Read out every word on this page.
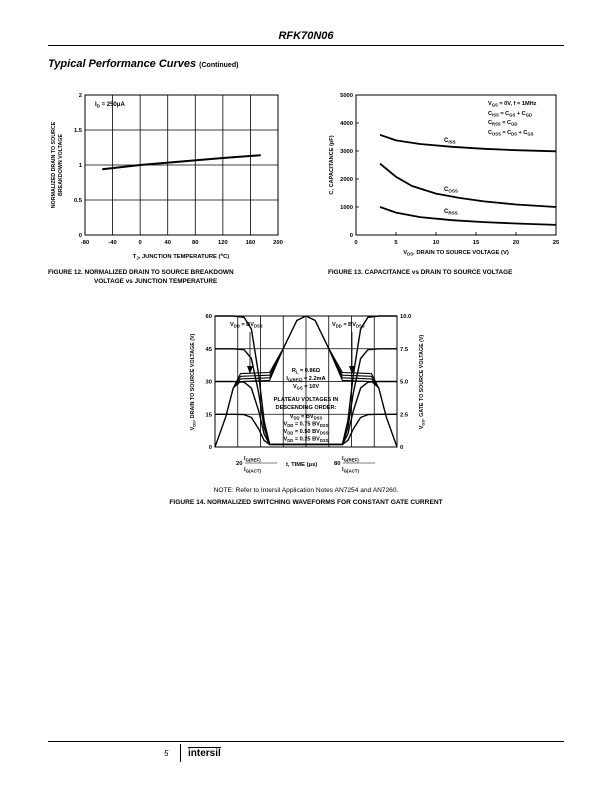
RFK70N06
Typical Performance Curves (Continued)
-80	-40	0	40	80	120	160	200
0
0.5
1
1.5
2
$I_D = 250\mu A$
$T_J$, JUNCTION TEMPERATURE ($^o$C)
NORMALIZED DRAIN TO SOURCE BREAKDOWN VOLTAGE
FIGURE 12. NORMALIZED DRAIN TO SOURCE BREAKDOWN
VOLTAGE vs JUNCTION TEMPERATURE
0	5	10	15	20	25
0
1000
2000
3000
4000
5000
$V_{GS} = 0V$, f = 1MHz
$C_{ISS} = C_{GS} + C_{GD}$
$C_{RSS} = C_{GD}$
$C_{OSS} \approx C_{DS} + C_{GS}$
$C_{ISS}$
$C_{OSS}$
$C_{RSS}$
$V_{DS}$, DRAIN TO SOURCE VOLTAGE (V)
C, CAPACITANCE (pF)
FIGURE 13. CAPACITANCE vs DRAIN TO SOURCE VOLTAGE
60
45
30
15
0
10.0
7.5
5.0
2.5
0
$V_{DD} = BV_{DSS}$	$V_{DD} = BV_{DSS}$
$R_L = 0.86\Omega$
$I_{G(REF)} = 2.2mA$
$V_{GS} = 10V$
$V_{DD} = BV_{DSS}$
$V_{DD} = 0.75$ $BV_{DSS}$
$V_{DD} = 0.50$ $BV_{DSS}$
$V_{DD} = 0.25$ $BV_{DSS}$
PLATEAU VOLTAGES IN
DESCENDING ORDER:
20
$I_{G(REF)}$
$I_{G(ACT)}$
t, TIME (μs)	80
$I_{G(REF)}$
$I_{G(ACT)}$
$V_{DS}$, DRAIN TO SOURCE VOLTAGE (V)
$V_{GS}$, GATE TO SOURCE VOLTAGE (V)
NOTE: Refer to Intersil Application Notes AN7254 and AN7260.
FIGURE 14. NORMALIZED SWITCHING WAVEFORMS FOR CONSTANT GATE CURRENT
5 intersil
